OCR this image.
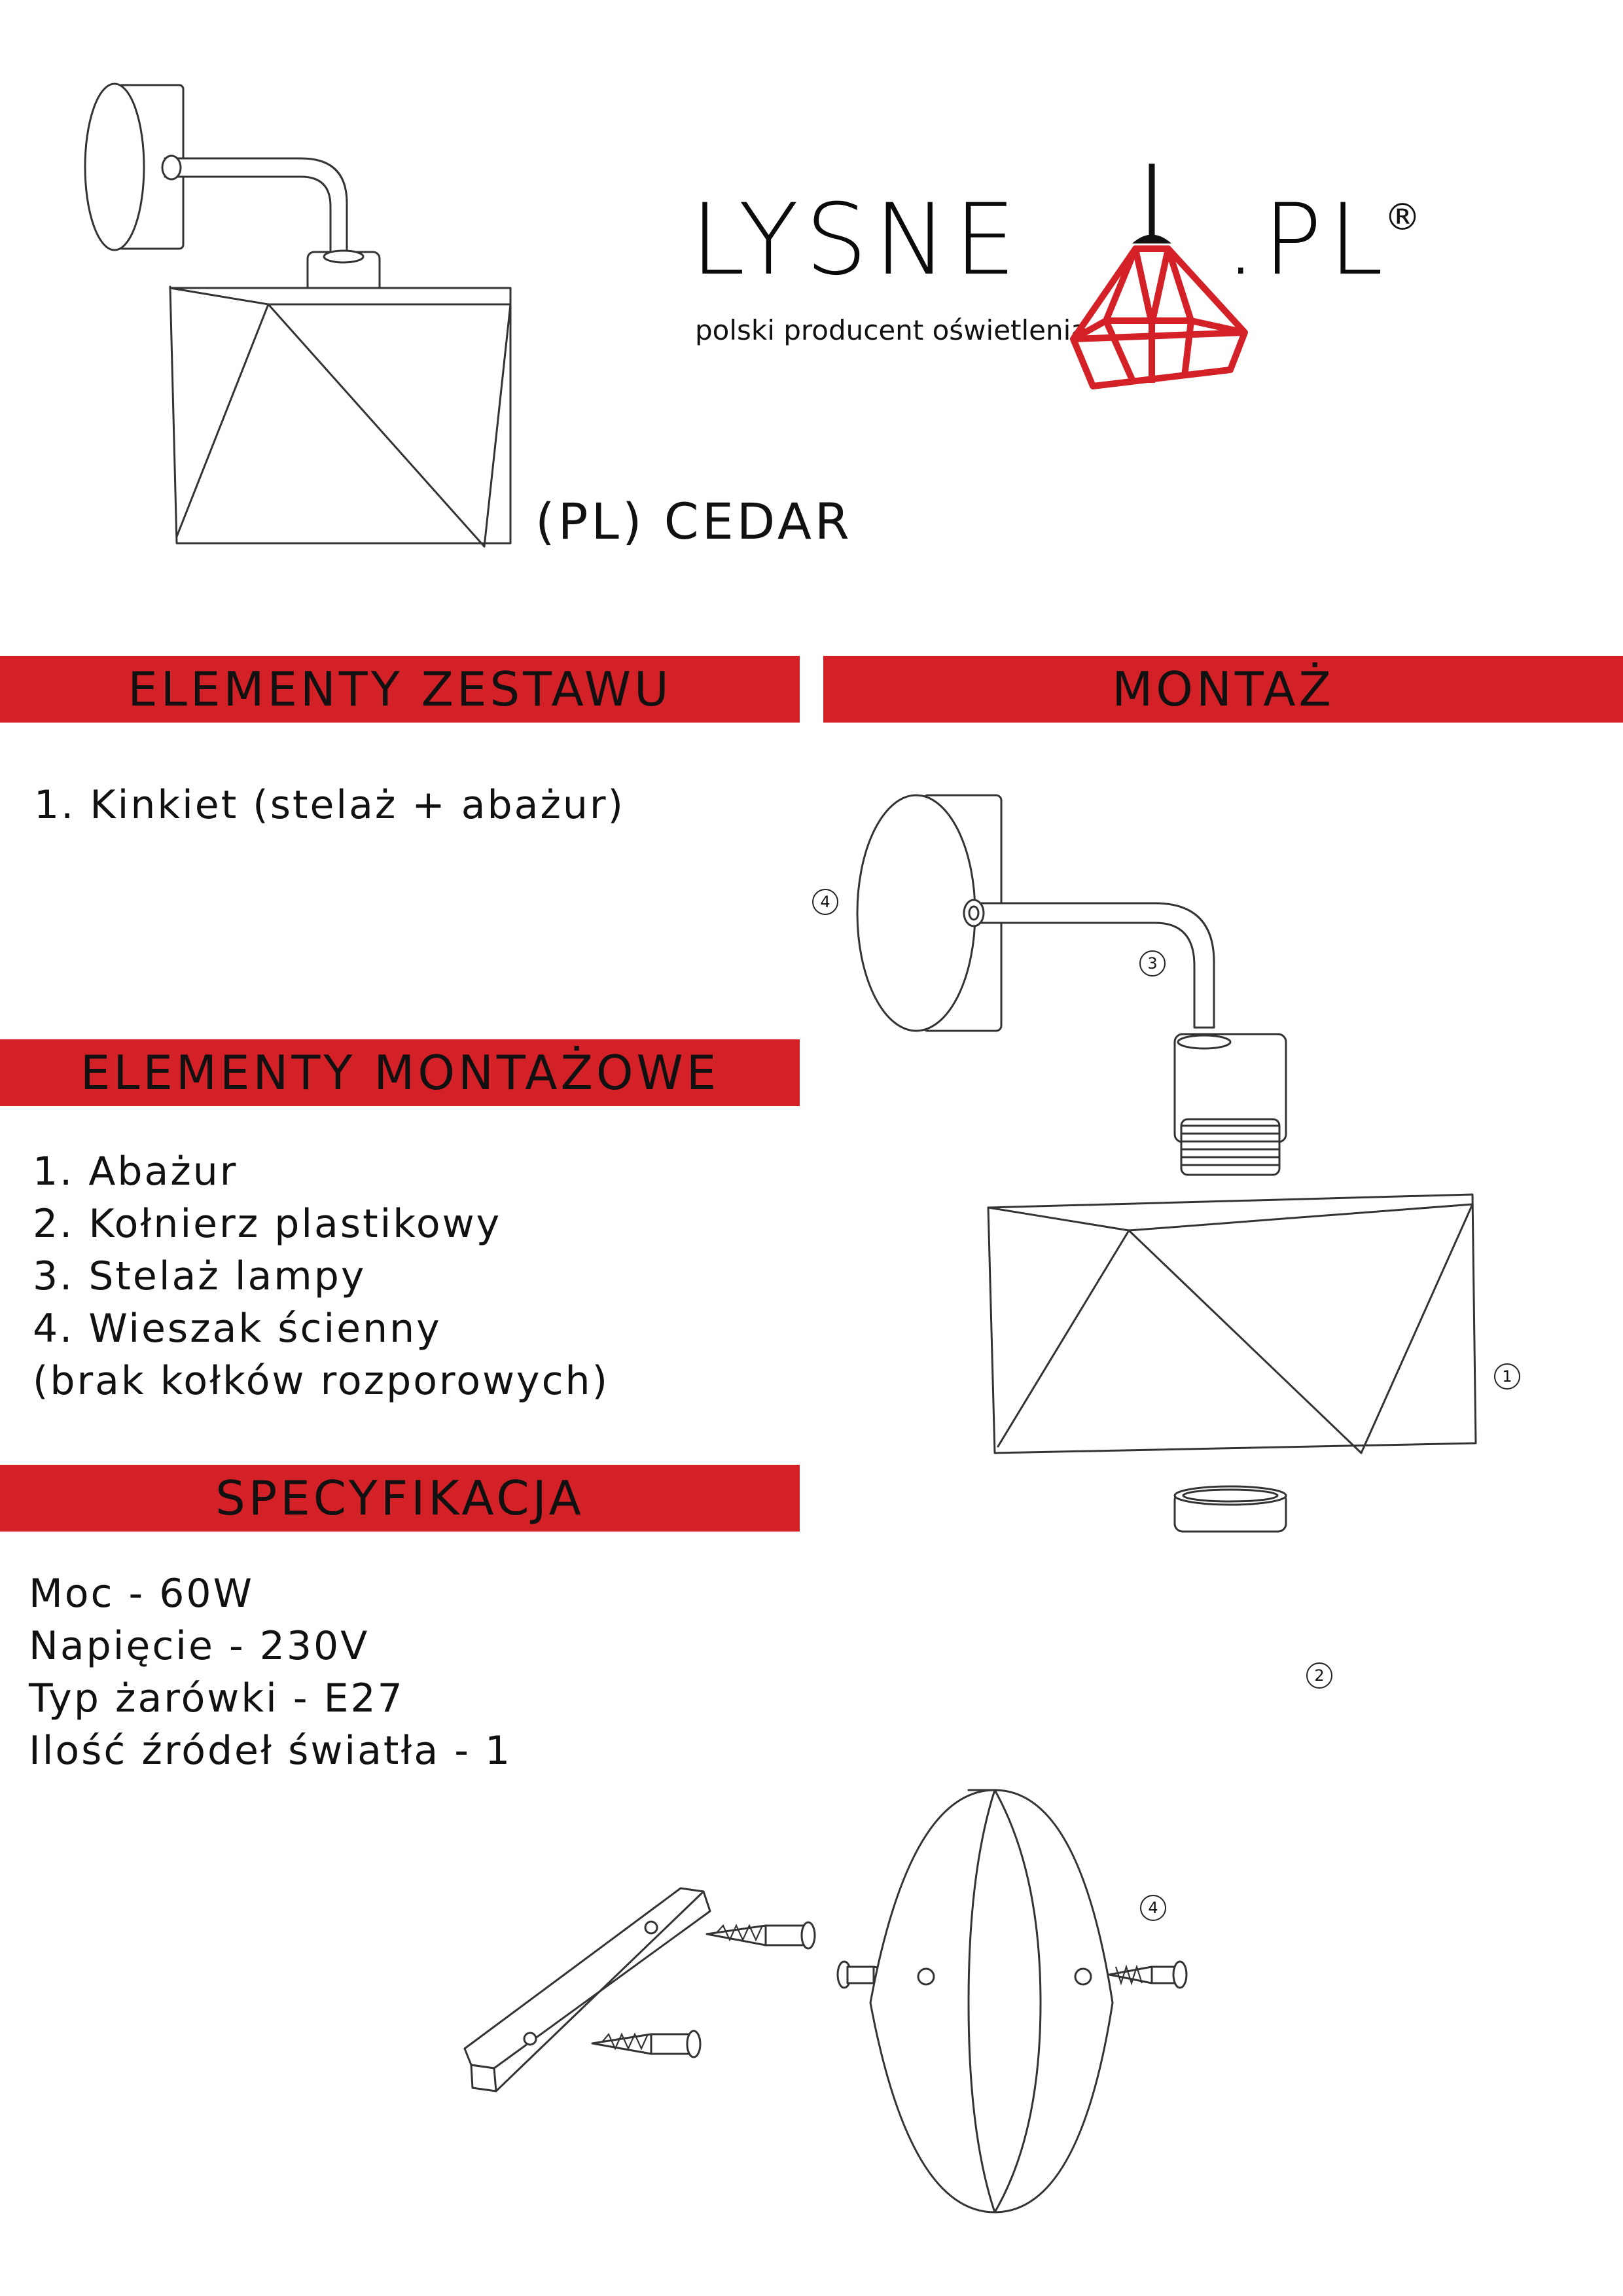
LYSNE .PL
®
polski producent oświetlenia
(PL) CEDAR
ELEMENTY ZESTAWU	MONTAŻ
ELEMENTY MONTAŻOWE
SPECYFIKACJA
1. Kinkiet (stelaż + abażur)
1. Abażur
2. Kołnierz plastikowy
3. Stelaż lampy
4. Wieszak ścienny
(brak kołków rozporowych)
Moc - 60W
Napięcie - 230V
Typ żarówki - E27
Ilość źródeł światła - 1
4
3
1
2
4
